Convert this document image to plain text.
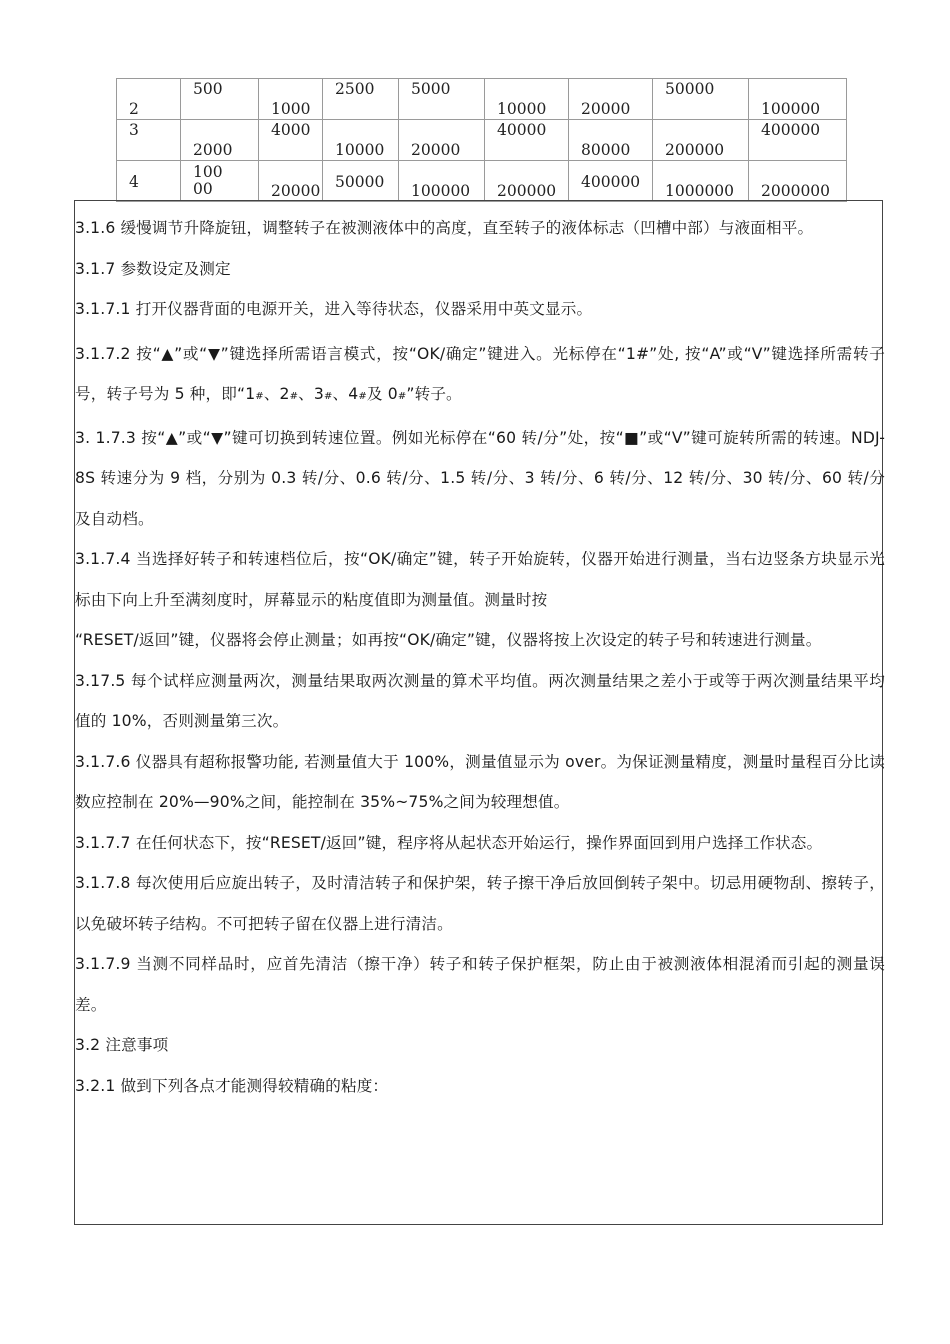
2	500	1000	2500	5000	10000	20000	50000	100000

3	2000	4000	10000	20000	40000	80000	200000	400000

4	10000	20000	50000	100000	200000	400000	1000000	2000000

3.1.6 缓慢调节升降旋钮，调整转子在被测液体中的高度，直至转子的液体标志（凹槽中部）与液面相平。

3.1.7 参数设定及测定

3.1.7.1 打开仪器背面的电源开关，进入等待状态，仪器采用中英文显示。

3.1.7.2 按“▲”或“▼”键选择所需语言模式，按“OK/确定”键进入。光标停在“1#”处, 按“A”或“V”键选择所需转子号，转子号为 5 种，即“1#、2#、3#、4#及 0#”转子。

3. 1.7.3 按“▲”或“▼”键可切换到转速位置。例如光标停在“60 转/分”处，按“■”或“V”键可旋转所需的转速。NDJ-8S 转速分为 9 档，分别为 0.3 转/分、0.6 转/分、1.5 转/分、3 转/分、6 转/分、12 转/分、30 转/分、60 转/分及自动档。

3.1.7.4 当选择好转子和转速档位后，按“OK/确定”键，转子开始旋转，仪器开始进行测量，当右边竖条方块显示光标由下向上升至满刻度时，屏幕显示的粘度值即为测量值。测量时按

“RESET/返回”键，仪器将会停止测量；如再按“OK/确定”键，仪器将按上次设定的转子号和转速进行测量。

3.17.5 每个试样应测量两次，测量结果取两次测量的算术平均值。两次测量结果之差小于或等于两次测量结果平均值的 10%，否则测量第三次。

3.1.7.6 仪器具有超称报警功能, 若测量值大于 100%，测量值显示为 over。为保证测量精度，测量时量程百分比读数应控制在 20%—90%之间，能控制在 35%~75%之间为较理想值。

3.1.7.7 在任何状态下，按“RESET/返回”键，程序将从起状态开始运行，操作界面回到用户选择工作状态。

3.1.7.8 每次使用后应旋出转子，及时清洁转子和保护架，转子擦干净后放回倒转子架中。切忌用硬物刮、擦转子，以免破坏转子结构。不可把转子留在仪器上进行清洁。

3.1.7.9 当测不同样品时，应首先清洁（擦干净）转子和转子保护框架，防止由于被测液体相混淆而引起的测量误差。

3.2 注意事项

3.2.1 做到下列各点才能测得较精确的粘度：
